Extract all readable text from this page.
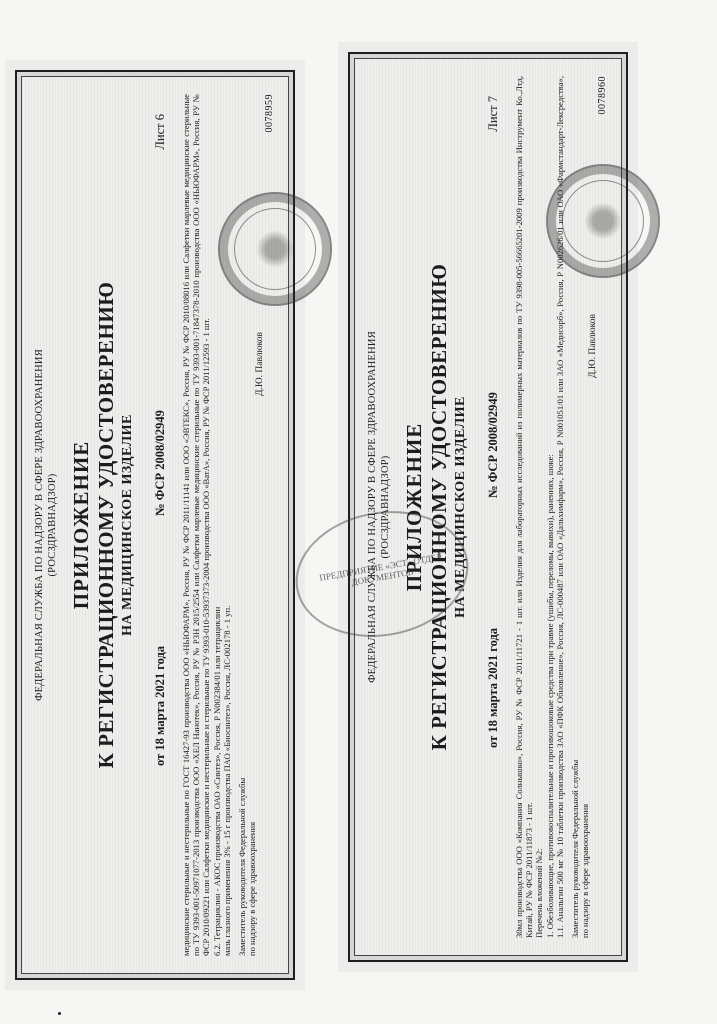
ФЕДЕРАЛЬНАЯ СЛУЖБА ПО НАДЗОРУ В СФЕРЕ ЗДРАВООХРАНЕНИЯ (РОСЗДРАВНАДЗОР) ПРИЛОЖЕНИЕ К РЕГИСТРАЦИОННОМУ УДОСТОВЕРЕНИЮ НА МЕДИЦИНСКОЕ ИЗДЕЛИЕ
от 18 марта 2021 года
№ ФСР 2008/02949
Лист 6 медицинские стерильные и нестерильные по ГОСТ 16427-93 производства ООО «НЬЮФАРМ», Россия, РУ № ФСР 2011/11141 или ООО «ЭВТЕКС», Россия, РУ № ФСР 2010/08016 или Салфетки марлевые медицинские стерильные по ТУ 9393-001-50971077-2013 производства ООО «ХЕЛ Нанотек», Россия, РУ № РЗН 2015/2554 или Салфетки марлевые медицинские стерильные по ТУ 9393-001-71847378-2010 производства ООО «НЬЮФАРМ», Россия, РУ № ФСР 2010/09221 или Салфетки медицинские и нестерильные и стерильные по ТУ 9393-010-53937373-2004 производства ООО «ВатА», Россия, РУ № ФСР 2011/12593 - 1 шт. 6.2. Тетрациклин - АКОС производства ОАО «Синтез», Россия, Р N002384/01 или тетрациклин мазь глазного применения 3% - 15 г производства ПАО «Биосинтез», Россия, ЛС-002178 - 1 уп. Заместитель руководителя Федеральной службы по надзору в сфере здравоохранения
Д.Ю. Павлюков
0078959
ФЕДЕРАЛЬНАЯ СЛУЖБА ПО НАДЗОРУ В СФЕРЕ ЗДРАВООХРАНЕНИЯ (РОСЗДРАВНАДЗОР) ПРИЛОЖЕНИЕ К РЕГИСТРАЦИОННОМУ УДОСТОВЕРЕНИЮ НА МЕДИЦИНСКОЕ ИЗДЕЛИЕ
от 18 марта 2021 года
№ ФСР 2008/02949
Лист 7 30мл производства ООО «Компания Солнышко», Россия, РУ № ФСР 2011/11721 - 1 шт. или Изделия для лабораторных исследований из полимерных материалов по ТУ 9398-005-56665201-2009 производства Инструмент Ко.,Лтд, Китай, РУ № ФСР 2011/11873 - 1 шт. Перечень вложений №2: 1. Обезболивающие, противовоспалительные и противошоковые средства при травме (ушибы, переломы, вывихи), ранениях, шоке: 1.1. Анальгин 500 мг № 10 таблетки производства ЗАО «ПФК Обновление», Россия, ЛС-000487 или ОАО «Дальхимфарм», Россия, Р N001051/01 или ЗАО «Медисорб», Россия, Р N002626/01 или ОАО «Фармстандарт-Лексредства»,

Заместитель руководителя Федеральной службы по надзору в сфере здравоохранения
Д.Ю. Павлюков
0078960
ПРЕДПРИЯТИЕ «ЭСТ» ОТДЕЛ ДОКУМЕНТОВ
